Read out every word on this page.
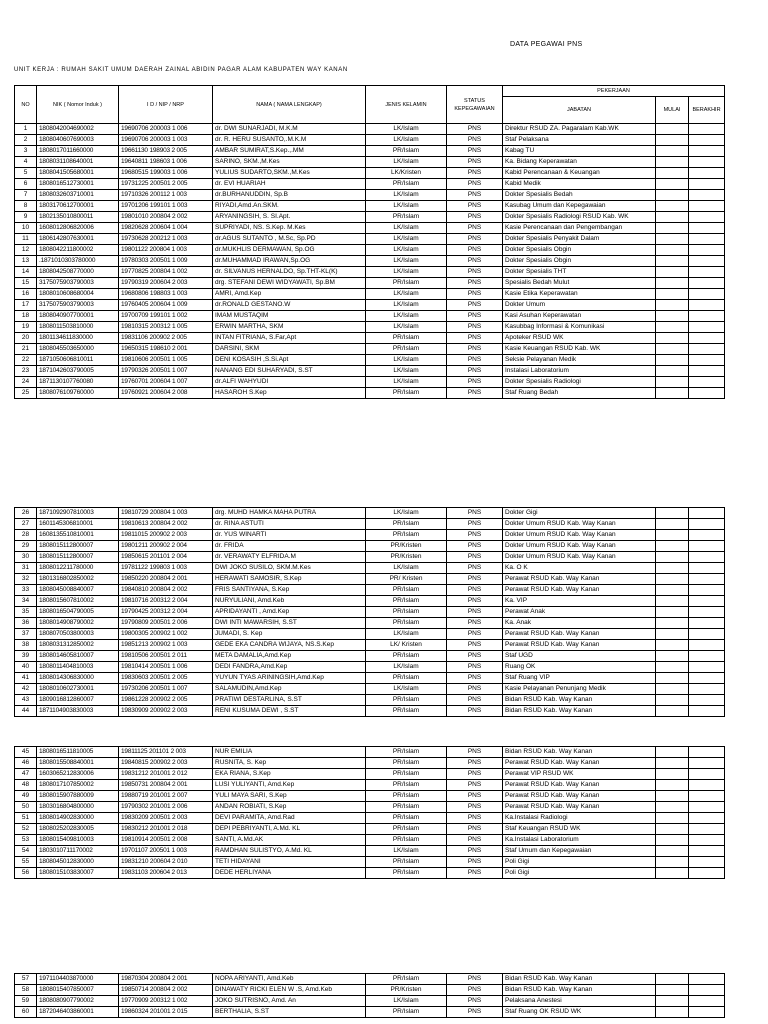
DATA PEGAWAI PNS
UNIT KERJA : RUMAH SAKIT UMUM DAERAH ZAINAL ABIDIN PAGAR ALAM KABUPATEN WAY KANAN
NO	NIK ( Nomor Induk )	I D / NIP / NRP	NAMA ( NAMA LENGKAP)	JENIS KELAMIN	STATUS KEPEGAWAIAN	PEKERJAAN		
						JABATAN	MULAI	BERAKHIR
1	1808042004690002	19690706 200003 1 006	dr. DWI SUNARJADI, M.K.M	LK/Islam	PNS	Direktur RSUD ZA. Pagaralam Kab.WK		
2	1808040607690003	19690706 200003 1 003	dr. R. HERU SUSANTO,.M.K.M	LK/Islam	PNS	Staf Pelaksana		
3	1808017011660000	19661130 198903 2 005	AMBAR SUMIRAT,S.Kep.,.MM	PR/Islam	PNS	Kabag TU		
4	1808031108640001	19640811 198603 1 006	SARINO, SKM.,M.Kes	LK/Islam	PNS	Ka. Bidang Keperawatan		
5	1808041505680001	19680515 199003 1 006	YULIUS SUDARTO,SKM.,M.Kes	LK/Kristen	PNS	Kabid Perencanaan & Keuangan		
6	1808016512730001	19731225 200501 2 005	dr. EVI HUARIAH	PR/Islam	PNS	Kabid Medik		
7	1808032603710001	19710326 200112 1 003	dr.BURHANUDDIN, Sp.B	LK/Islam	PNS	Dokter Spesialis Bedah		
8	1803170612700001	19701206 199101 1 003	RIYADI,Amd.An.SKM.	LK/Islam	PNS	Kasubag Umum dan Kepegawaian		
9	1802135010800011	19801010 200804 2 002	ARYANINGSIH, S. SI.Apt.	PR/Islam	PNS	Dokter Spesialis Radiologi RSUD Kab. WK		
10	1608012806820006	19820628 200604 1 004	SUPRIYADI, NS. S.Kep. M.Kes	LK/Islam	PNS	Kasie Perencanaan dan Pengembangan		
11	1806142807630001	19730628 200212 1 003	dr.AGUS SUTANTO , M.Sc, Sp.PD	LK/Islam	PNS	Dokter Spesialis Penyakit Dalam		
12	1808042211800002	19801122 200804 1 003	dr.MUKHLIS DERMAWAN, Sp.OG	LK/Islam	PNS	Dokter Spesialis Obgin		
13	.1871010303780000	19780303 200501 1 009	dr.MUHAMMAD IRAWAN,Sp.OG	LK/Islam	PNS	Dokter Spesialis Obgin		
14	1808042508770000	19770825 200804 1 002	dr. SILVANUS HERNALDO, Sp.THT-KL(K)	LK/Islam	PNS	Dokter Spesialis THT		
15	3175075903790003	19790319 200604 2 003	drg. STEFANI DEWI WIDYAWATI, Sp.BM	PR/Islam	PNS	Spesialis Bedah Mulut		
16	1808010608680004	19680806 198803 1 003	AMRI, Amd.Kep	LK/Islam	PNS	Kasie Etika Keperawatan		
17	3175075903790003	19760405 200604 1 009	dr.RONALD GESTANO.W	LK/Islam	PNS	Dokter Umum		
18	1808040907700001	19700709 199101 1 002	IMAM MUSTAQIM	LK/Islam	PNS	Kasi Asuhan Keperawatan		
19	1808011503810000	19810315 200312 1 005	ERWIN MARTHA, SKM	LK/Islam	PNS	Kasubbag Informasi & Komunikasi		
20	1801134611830000	19831106 200902 2 005	INTAN FITRIANA, S.Far,Apt	PR/Islam	PNS	Apoteker RSUD WK		
21	1808045503650000	19650315 198610 2 001	DARSINI, SKM	PR/Islam	PNS	Kasie Keuangan RSUD Kab. WK		
22	1871050606810011	19810606 200501 1 005	DENI KOSASIH ,S.Si.Apt	LK/Islam	PNS	Seksie Pelayanan Medik		
23	1871042603790005	19790326 200501 1 007	NANANG EDI SUHARYADI, S.ST	LK/Islam	PNS	Instalasi Laboratorium		
24	1871130107760080	19760701 200604 1 007	dr.ALFI WAHYUDI	LK/Islam	PNS	Dokter Spesialis Radiologi		
25	1808076109760000	19760921 200604 2 008	HASAROH S.Kep	PR/Islam	PNS	Staf Ruang Bedah		
26	1871092907810003	19810729 200804 1 003	drg. MUHD HAMKA MAHA PUTRA	LK/Islam	PNS	Dokter Gigi		
27	1601145306810001	19810613 200804 2 002	dr. RINA ASTUTI	PR/Islam	PNS	Dokter Umum RSUD Kab. Way Kanan		
28	1608135510810001	19811015 200902 2 003	dr. YUS WINARTI	PR/Islam	PNS	Dokter Umum RSUD Kab. Way Kanan		
29	1808015112800007	19801211 200902 2 004	dr. FRIDA	PR/Kristen	PNS	Dokter Umum RSUD Kab. Way Kanan		
30	1808015112800007	19850615 201101 2 004	dr. VERAWATY ELFRIDA.M	PR/Kristen	PNS	Dokter Umum RSUD Kab. Way Kanan		
31	1808012211780000	19781122 199803 1 003	DWI JOKO SUSILO, SKM.M.Kes	LK/Islam	PNS	Ka. O K		
32	1801316802850002	19850220 200804 2 001	HERAWATI SAMOSIR, S.Kep	PR/ Kristen	PNS	Perawat RSUD Kab. Way Kanan		
33	1808045008840007	19840810 200804 2 002	FRIS SANTIYANA, S.Kep	PR/Islam	PNS	Perawat RSUD Kab. Way Kanan		
34	1808015607810002	19810716 200312 2 004	NURYULIANI, Amd.Keb	PR/Islam	PNS	Ka. VIP		
35	1808016504790005	19790425 200312 2 004	APRIDAYANTI , Amd.Kep	PR/Islam	PNS	Perawat Anak		
36	1808014908790002	19790809 200501 2 006	DWI INTI MAWARSIH, S.ST	PR/Islam	PNS	Ka. Anak		
37	1808070503800003	19800305 200902 1 002	JUMADI, S. Kep	LK/Islam	PNS	Perawat RSUD Kab. Way Kanan		
38	1808031312850002	19851213 200902 1 003	GEDE EKA CANDRA WIJAYA, NS.S.Kep	LK/ Kristen	PNS	Perawat RSUD Kab. Way Kanan		
39	1808014605810007	19810506 200501 2 011	META DAMALIA,Amd.Kep	PR/Islam	PNS	Staf UGD		
40	1808011404810003	19810414 200501 1 006	DEDI FANDRA,Amd.Kep	LK/Islam	PNS	Ruang OK		
41	1808014306830000	19830603 200501 2 005	YUYUN TYAS ARININGSIH,Amd.Kep	PR/Islam	PNS	Staf Ruang VIP		
42	1808010602730001	19730206 200501 1 007	SALAMUDIN,Amd.Kep	LK/Islam	PNS	Kasie Pelayanan Penunjang Medik		
43	1809016812860007	19861228 200902 2 005	PRATIWI DESTARLINA, S.ST	PR/Islam	PNS	Bidan RSUD Kab. Way Kanan		
44	1871104903830003	19830909 200902 2 003	RENI KUSUMA DEWI , S.ST	PR/Islam	PNS	Bidan RSUD Kab. Way Kanan		
45	1808016511810005	19811125 201101 2 003	NUR EMILIA	PR/Islam	PNS	Bidan RSUD Kab. Way Kanan		
46	1808015508840001	19840815 200902 2 003	RUSNITA, S. Kep	PR/Islam	PNS	Perawat RSUD Kab. Way Kanan		
47	1603065212830006	19831212 201001 2 012	EKA RIANA, S.Kep	PR/Islam	PNS	Perawat VIP RSUD WK		
48	1808017107850002	19850731 200804 2 001	LUSI YULIYANTI, Amd.Kep	PR/Islam	PNS	Perawat RSUD Kab. Way Kanan		
49	1808015907880009	19880719 201001 2 007	YULI MAYA SARI, S.Kep	PR/Islam	PNS	Perawat RSUD Kab. Way Kanan		
50	1803016804800000	19790302 201001 2 006	ANDAN ROBIATI, S.Kep	PR/Islam	PNS	Perawat RSUD Kab. Way Kanan		
51	1808014902830000	19830209 200501 2 003	DEVI PARAMITA, Amd.Rad	PR/Islam	PNS	Ka.Instalasi Radiologi		
52	1808025202830005	19830212 201001 2 018	DEPI PEBRIYANTI, A.Md. KL	PR/Islam	PNS	Staf Keuangan RSUD WK		
53	1808015409810003	19810914 200501 2 008	SANTI, A.Md.AK	PR/Islam	PNS	Ka.Instalasi Laboratorium		
54	1803010711170002	19701107 200501 1 003	RAMDHAN SULISTYO, A.Md. KL	LK/Islam	PNS	Staf Umum dan Kepegawaian		
55	1808045012830000	19831210 200604 2 010	TETI HIDAYANI	PR/Islam	PNS	Poli Gigi		
56	1808015103830007	19831103 200604 2 013	DEDE HERLIYANA	PR/Islam	PNS	Poli Gigi		
57	1971104403870000	19870304 200804 2 001	NOPA ARIYANTI, Amd.Keb	PR/Islam	PNS	Bidan RSUD Kab. Way Kanan		
58	1808015407850007	19850714 200804 2 002	DINAWATY RICKI ELEN W .S, Amd.Keb	PR/Kristen	PNS	Bidan RSUD Kab. Way Kanan		
59	1808080907790002	19770909 200312 1 002	JOKO SUTRISNO, Amd. An	LK/Islam	PNS	Pelaksana Anestesi		
60	1872046403860001	19860324 201001 2 015	BERTHALIA, S.ST	PR/Islam	PNS	Staf Ruang OK RSUD WK		
